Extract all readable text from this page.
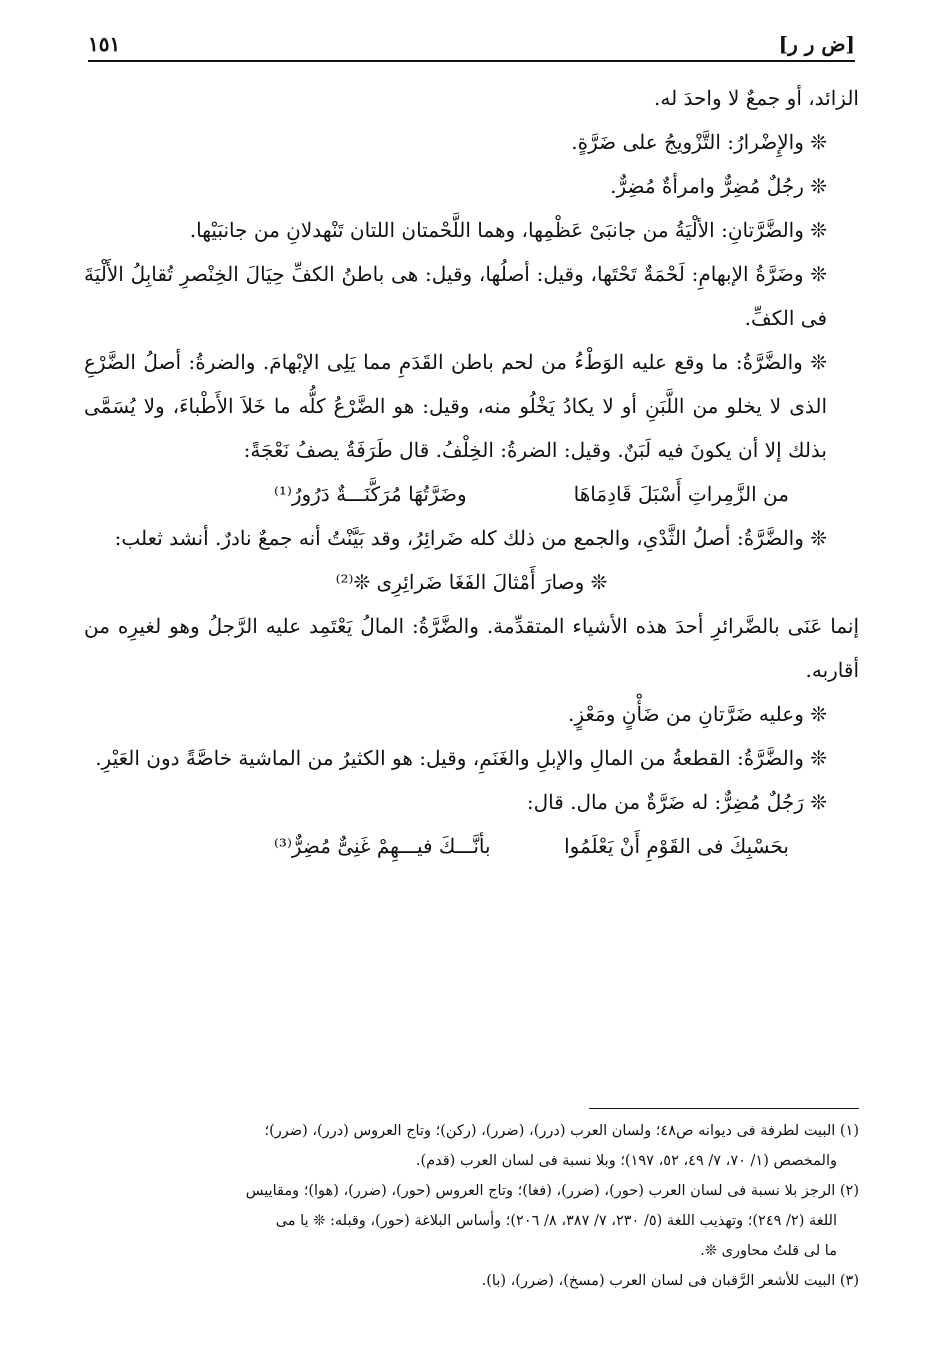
[ض ر ر]
١٥١

الزائد، أو جمعٌ لا واحدَ له.

❊ والإِضْرارُ: التَّزْويجُ على ضَرَّةٍ.

❊ رجُلٌ مُضِرٌّ وامرأةٌ مُضِرٌّ.

❊ والضَّرَّتانِ: الألْيَةُ من جانبَىْ عَظْمِها، وهما اللَّحْمتان اللتان تَنْهدلانِ من جانبَيْها.

❊ وضَرَّةُ الإبهامِ: لَحْمَةٌ تَحْتَها، وقيل: أصلُها، وقيل: هى باطنُ الكفِّ حِيَالَ الخِنْصرِ تُقابِلُ الأَلْيَةَ فى الكفِّ.

❊ والضَّرَّةُ: ما وقع عليه الوَطْءُ من لحم باطن القَدَمِ مما يَلِى الإبْهامَ. والضرةُ: أصلُ الضَّرْعِ الذى لا يخلو من اللَّبَنِ أو لا يكادُ يَخْلُو منه، وقيل: هو الضَّرْعُ كلُّه ما خَلاَ الأَطْباءَ، ولا يُسَمَّى بذلك إلا أن يكونَ فيه لَبَنٌ. وقيل: الضرةُ: الخِلْفُ. قال طَرَفَةُ يصفُ نَعْجَةً:

من الزَّمِراتِ أَسْبَلَ قَادِمَاهَا
وضَرَّتُهَا مُرَكَّنَـــةٌ دَرُورُ⁽¹⁾

❊ والضَّرَّةُ: أصلُ الثَّدْىِ، والجمع من ذلك كله ضَرائِرُ، وقد بَيَّنْتُ أنه جمعٌ نادرٌ. أنشد ثعلب:

❊ وصارَ أَمْثالَ الفَغَا ضَرائِرِى ❊⁽²⁾

إنما عَنَى بالضَّرائرِ أحدَ هذه الأشياء المتقدِّمة. والضَّرَّةُ: المالُ يَعْتَمِد عليه الرَّجلُ وهو لغيرِه من أقاربه.

❊ وعليه ضَرَّتانِ من ضَأْنٍ ومَعْزٍ.

❊ والضَّرَّةُ: القطعةُ من المالِ والإبلِ والغَنَمِ، وقيل: هو الكثيرُ من الماشية خاصَّةً دون العَيْرِ.

❊ رَجُلٌ مُضِرٌّ: له ضَرَّةٌ من مال. قال:

بحَسْبِكَ فى القَوْمِ أَنْ يَعْلَمُوا
بأنَّـــكَ فيـــهِمْ غَنِىٌّ مُضِرٌّ⁽³⁾

(١) البيت لطرفة فى ديوانه ص٤٨؛ ولسان العرب (درر)، (ضرر)، (ركن)؛ وتاج العروس (درر)، (ضرر)؛

والمخصص (١/ ٧٠، ٧/ ٤٩، ٥٢، ١٩٧)؛ وبلا نسبة فى لسان العرب (قدم).

(٢) الرجز بلا نسبة فى لسان العرب (حور)، (ضرر)، (فغا)؛ وتاج العروس (حور)، (ضرر)، (هوا)؛ ومقاييس

اللغة (٢/ ٢٤٩)؛ وتهذيب اللغة (٥/ ٢٣٠، ٧/ ٣٨٧، ٨/ ٢٠٦)؛ وأساس البلاغة (حور)، وقبله: ❊ يا مى

ما لى قلتُ محاورى ❊.

(٣) البيت للأشعر الرَّقبان فى لسان العرب (مسخ)، (ضرر)، (با).
